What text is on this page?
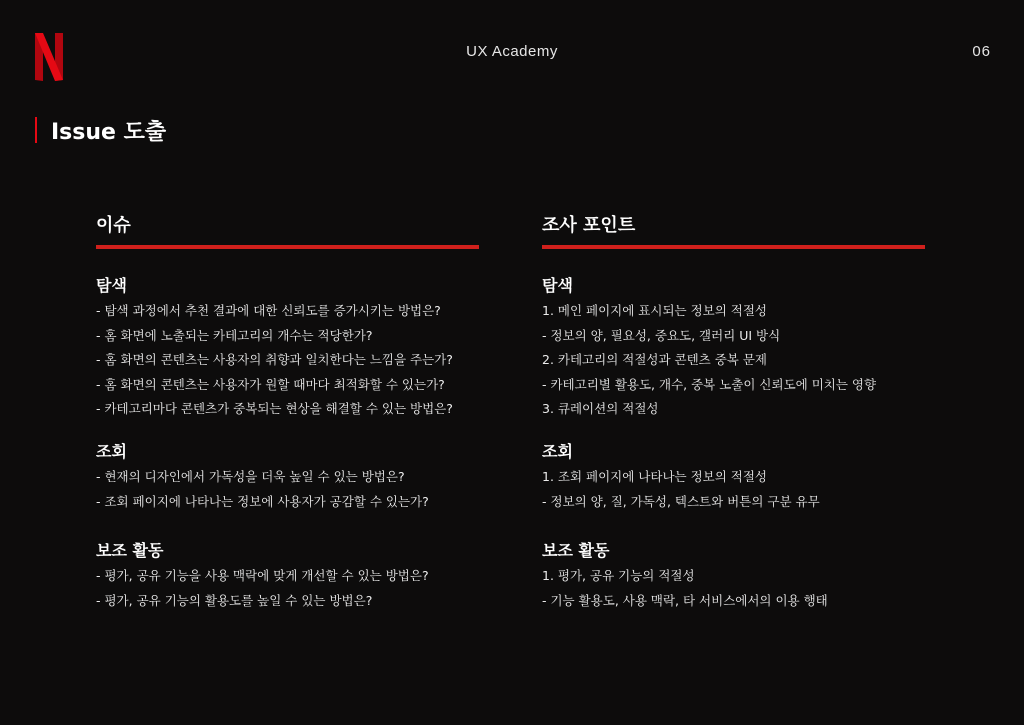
UX Academy	06
Issue 도출
이슈
탐색
- 탐색 과정에서 추천 결과에 대한 신뢰도를 증가시키는 방법은?
- 홈 화면에 노출되는 카테고리의 개수는 적당한가?
- 홈 화면의 콘텐츠는 사용자의 취향과 일치한다는 느낌을 주는가?
- 홈 화면의 콘텐츠는 사용자가 원할 때마다 최적화할 수 있는가?
- 카테고리마다 콘텐츠가 중복되는 현상을 해결할 수 있는 방법은?
조회
- 현재의 디자인에서 가독성을 더욱 높일 수 있는 방법은?
- 조회 페이지에 나타나는 정보에 사용자가 공감할 수 있는가?
보조 활동
- 평가, 공유 기능을 사용 맥락에 맞게 개선할 수 있는 방법은?
- 평가, 공유 기능의 활용도를 높일 수 있는 방법은?
조사 포인트
탐색
1. 메인 페이지에 표시되는 정보의 적절성
- 정보의 양, 필요성, 중요도, 갤러리 UI 방식
2. 카테고리의 적절성과 콘텐츠 중복 문제
- 카테고리별 활용도, 개수, 중복 노출이 신뢰도에 미치는 영향
3. 큐레이션의 적절성
조회
1. 조회 페이지에 나타나는 정보의 적절성
- 정보의 양, 질, 가독성, 텍스트와 버튼의 구분 유무
보조 활동
1. 평가, 공유 기능의 적절성
- 기능 활용도, 사용 맥락, 타 서비스에서의 이용 행태
